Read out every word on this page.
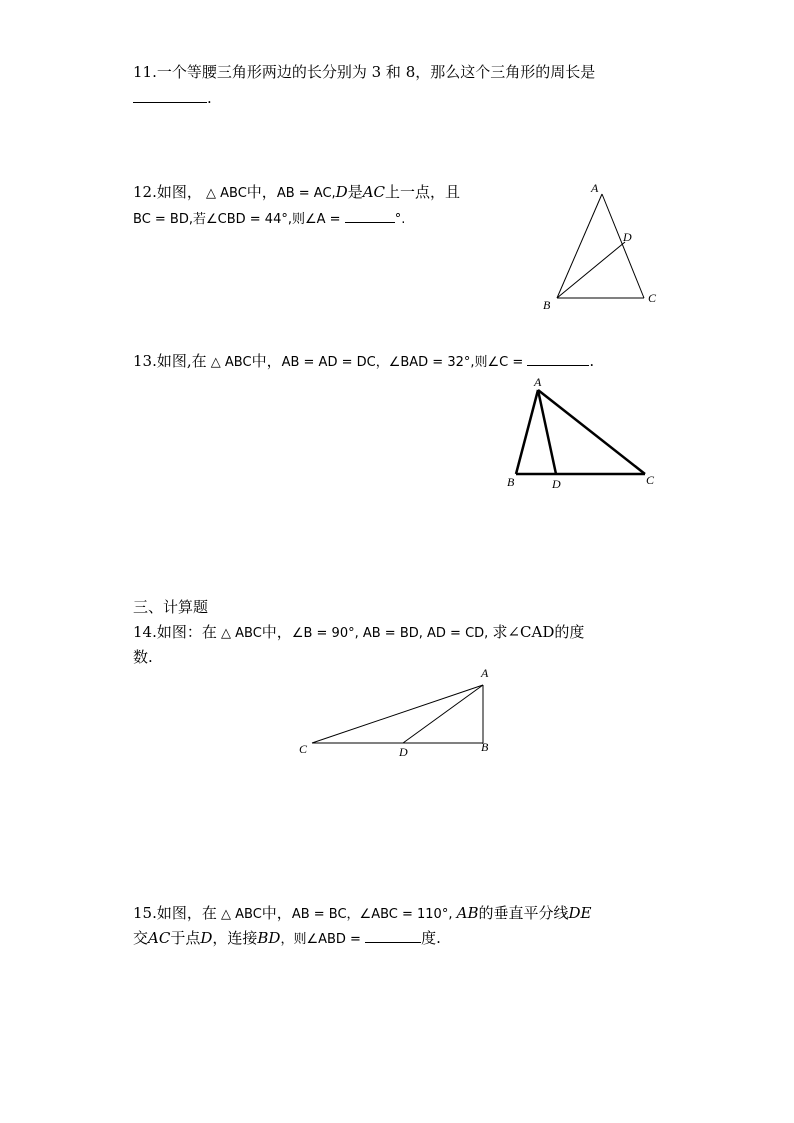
11.一个等腰三角形两边的长分别为 3 和 8，那么这个三角形的周长是
.
12.如图， △ ABC中，AB = AC,D是AC上一点，且
BC = BD,若∠CBD = 44°,则∠A =	°.
A
D
B	C
13.如图,在 △ ABC中，AB = AD = DC，∠BAD = 32°,则∠C =	.
A
B	D	C
三、计算题
14.如图：在 △ ABC中，∠B = 90°, AB = BD, AD = CD, 求∠CAD的度
数.
A
C	D	B
15.如图，在 △ ABC中，AB = BC，∠ABC = 110°, AB的垂直平分线DE
交AC于点D，连接BD，则∠ABD =	度.
